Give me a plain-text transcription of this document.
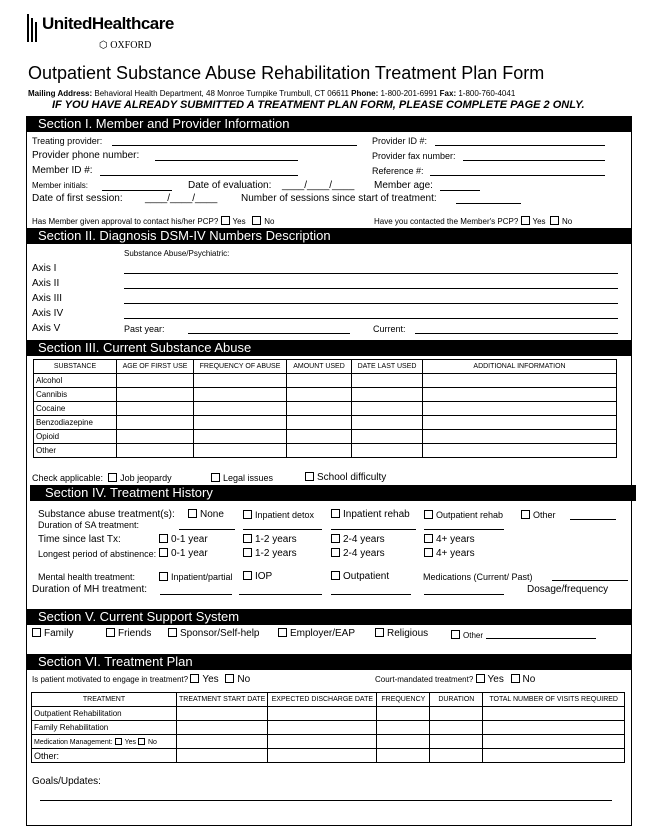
UnitedHealthcare
⬡ OXFORD
Outpatient Substance Abuse Rehabilitation Treatment Plan Form
Mailing Address: Behavioral Health Department, 48 Monroe Turnpike Trumbull, CT 06611 Phone: 1-800-201-6991 Fax: 1-800-760-4041
IF YOU HAVE ALREADY SUBMITTED A TREATMENT PLAN FORM, PLEASE COMPLETE PAGE 2 ONLY.
Section I. Member and Provider Information
Treating provider:	Provider ID #:
Provider phone number:	Provider fax number:
Member ID #:	Reference #:
Member initials:	Date of evaluation: ____/____/____ Member age:
Date of first session: ____/____/____ Number of sessions since start of treatment:
Has Member given approval to contact his/her PCP? Yes No	Have you contacted the Member's PCP? Yes No
Section II. Diagnosis DSM-IV Numbers Description
Substance Abuse/Psychiatric:
Axis I
Axis II
Axis III
Axis IV
Axis V	Past year:	Current:
Section III. Current Substance Abuse
SUBSTANCE	AGE OF FIRST USE	FREQUENCY OF ABUSE	AMOUNT USED	DATE LAST USED	ADDITIONAL INFORMATION
Alcohol					
Cannibis					
Cocaine					
Benzodiazepine					
Opioid					
Other					
Check applicable: Job jeopardy	Legal issues	School difficulty
Section IV. Treatment History
Substance abuse treatment(s):	None	Inpatient detox	Inpatient rehab	Outpatient rehab	Other
Duration of SA treatment:
Time since last Tx:	0-1 year	1-2 years	2-4 years	4+ years
Longest period of abstinence:	0-1 year	1-2 years	2-4 years	4+ years
Mental health treatment:	Inpatient/partial	IOP	Outpatient	Medications (Current/ Past)
Duration of MH treatment:	Dosage/frequency
Section V. Current Support System
Family	Friends	Sponsor/Self-help	Employer/EAP	Religious	Other
Section VI. Treatment Plan
Is patient motivated to engage in treatment? Yes No	Court-mandated treatment? Yes No
TREATMENT	TREATMENT START DATE	EXPECTED DISCHARGE DATE	FREQUENCY	DURATION	TOTAL NUMBER OF VISITS REQUIRED
Outpatient Rehabilitation					
Family Rehabilitation					
Medication Management: Yes No					
Other:					
Goals/Updates:
